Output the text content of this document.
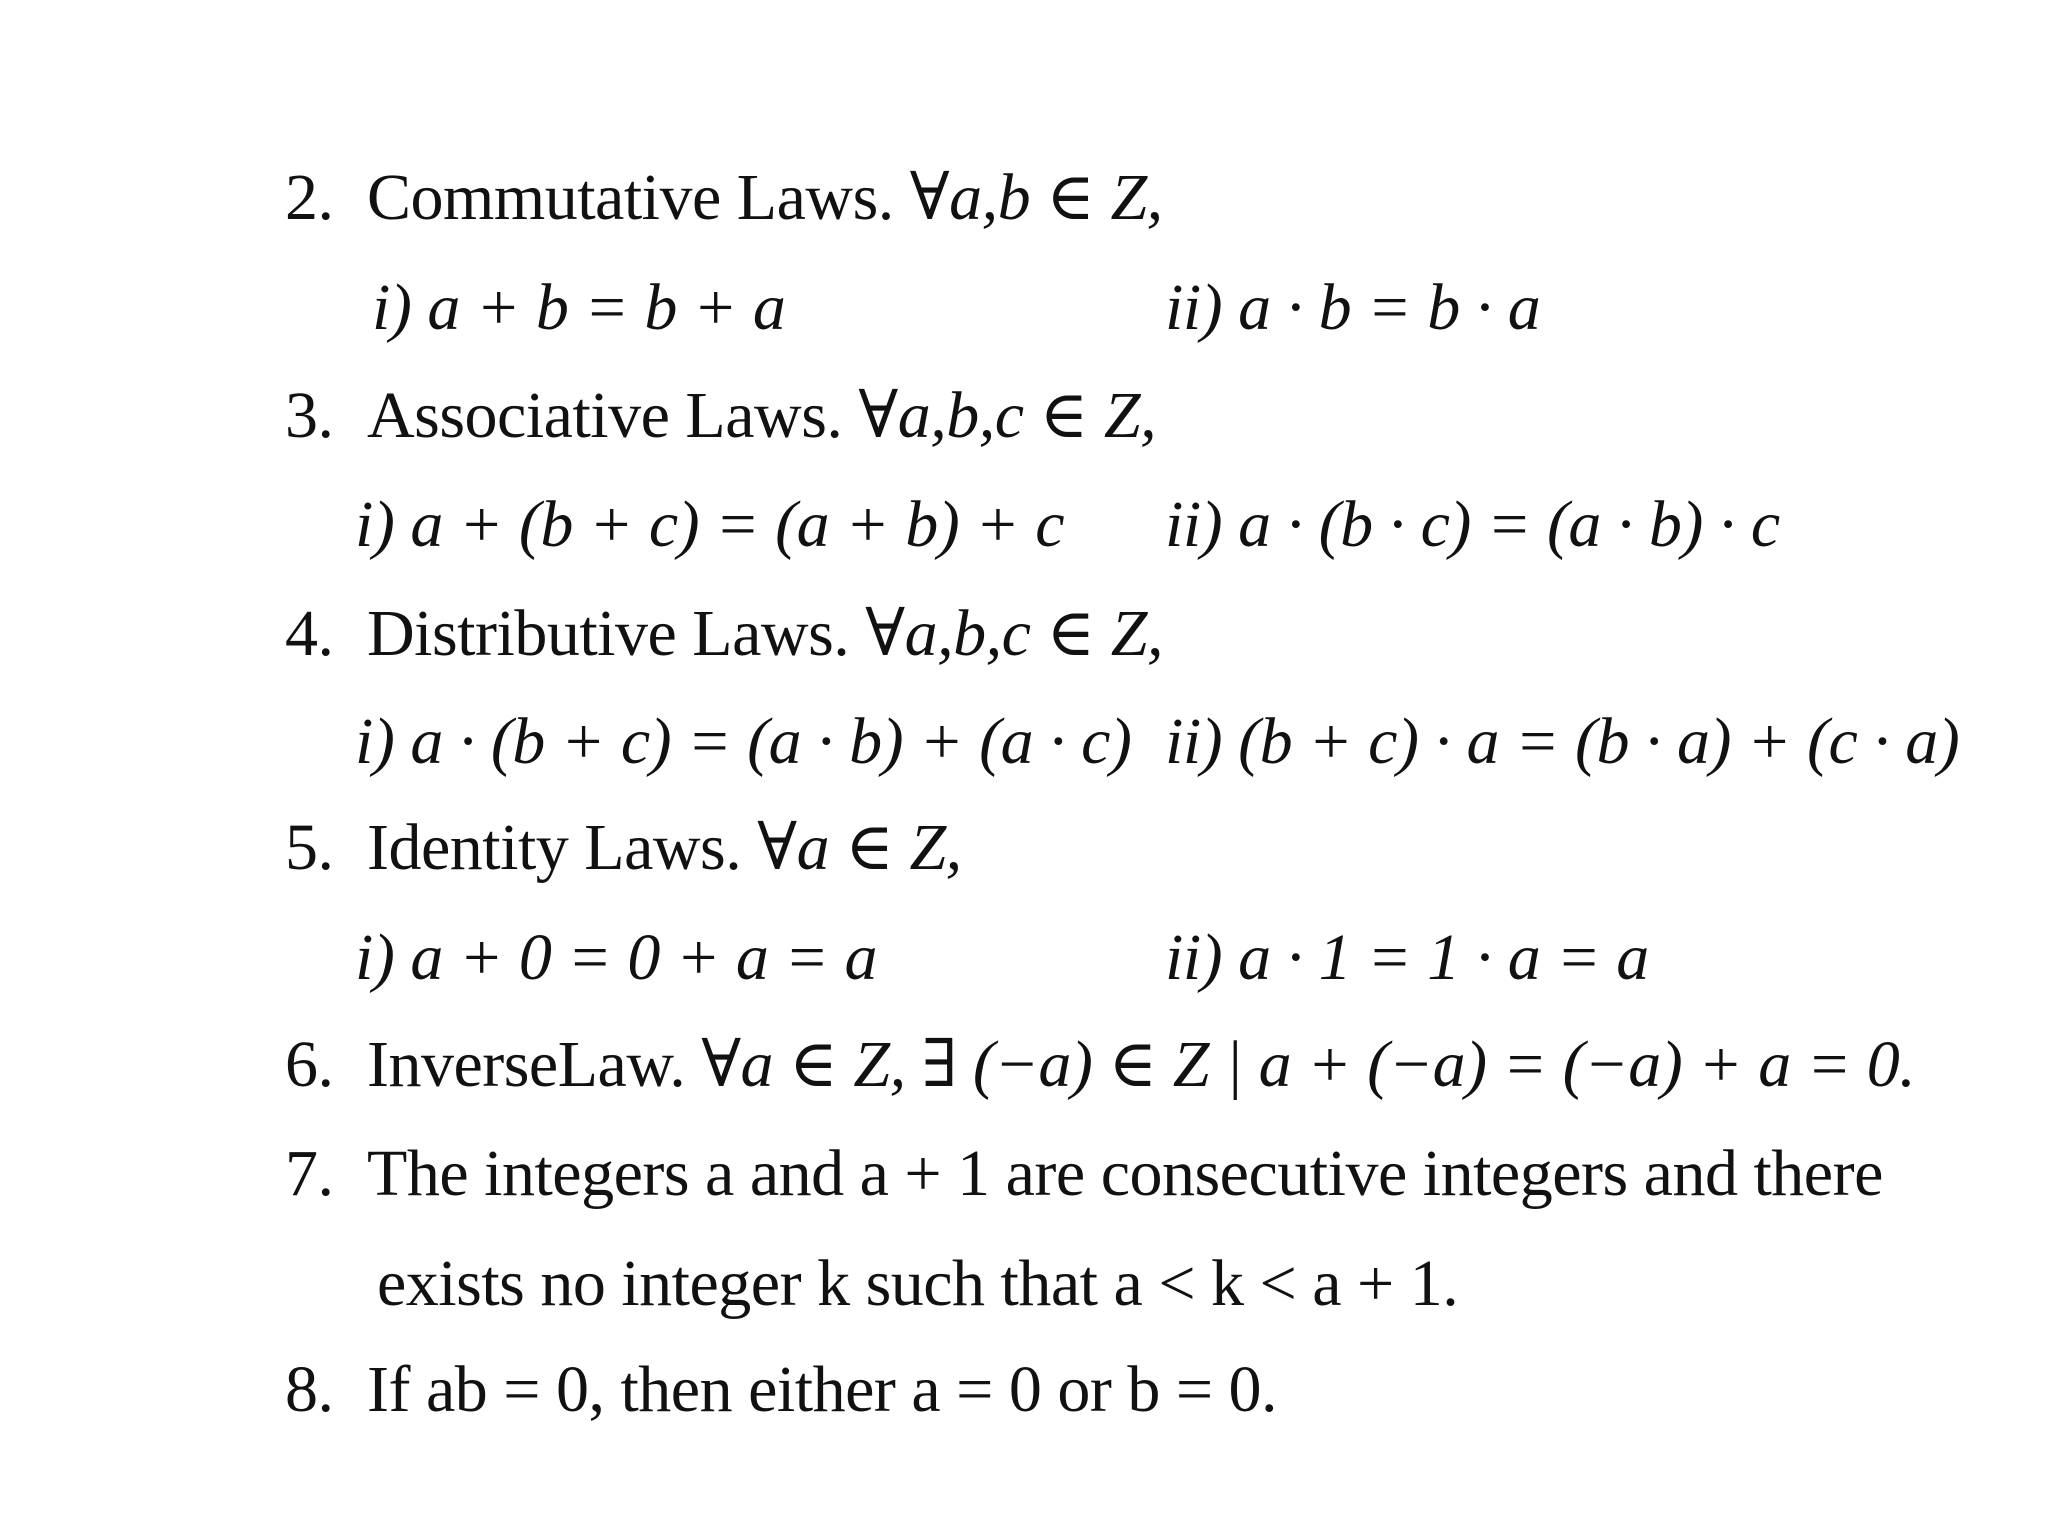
2. Commutative Laws. ∀a,b ∈ Z,
i) a + b = b + a	ii) a · b = b · a
3. Associative Laws. ∀a,b,c ∈ Z,
i) a + (b + c) = (a + b) + c ii) a · (b · c) = (a · b) · c
4. Distributive Laws. ∀a,b,c ∈ Z,
i) a · (b + c) = (a · b) + (a · c) ii) (b + c) · a = (b · a) + (c · a)
5. Identity Laws. ∀a ∈ Z,
i) a + 0 = 0 + a = a	ii) a · 1 = 1 · a = a
6. InverseLaw. ∀a ∈ Z, ∃ (−a) ∈ Z | a + (−a) = (−a) + a = 0.
7. The integers a and a + 1 are consecutive integers and there
exists no integer k such that a < k < a + 1.
8. If ab = 0, then either a = 0 or b = 0.
